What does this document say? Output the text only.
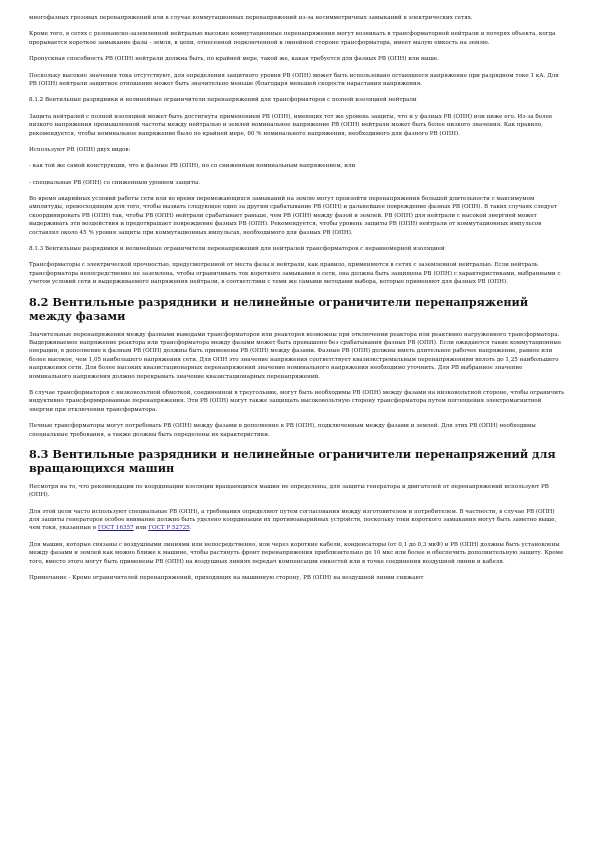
многофазных грозовых перенапряжений или в случае коммутационных перенапряжений из-за несимметричных замыканий в электрических сетях.

Кроме того, в сетях с резонансно-заземленной нейтралью высокие коммутационные перенапряжения могут возникать в трансформаторной нейтрали и потерях объекта, когда прерывается короткое замыкание фазы - земля, в цепи, отнесенной подключенной к линейной стороне трансформатора, имеет малую емкость на землю.

Пропускная способность РВ (ОПН) нейтрали должна быть, по крайней мере, такой же, какая требуется для фазных РВ (ОПН) или выше.

Поскольку высокие значения тока отсутствуют, для определения защитного уровня РВ (ОПН) может быть использовано остающееся напряжение при разрядном токе 1 кА. Для РВ (ОПН) нейтрали защитное отношение может быть значительно меньше (благодаря меньшей скорости нарастания напряжения.

8.1.2 Вентильные разрядники и нелинейные ограничители перенапряжений для трансформаторов с полной изоляцией нейтрали

Защита нейтралей с полной изоляцией может быть достигнута применением РВ (ОПН), имеющих тот же уровень защиты, что и у фазных РВ (ОПН) или ниже его. Из-за более низкого напряжения промышленной частоты между нейтралью и землей номинальное напряжение РВ (ОПН) нейтрали может быть более низкого значения. Как правило, рекомендуется, чтобы номинальное напряжение было по крайней мере, 60 % номинального напряжения, необходимого для фазного РВ (ОПН).

Используют РВ (ОПН) двух видов:

- как той же самой конструкции, что и фазные РВ (ОПН), но со сниженным номинальным напряжением, или

- специальные РВ (ОПН) со сниженным уровнем защиты.

Во время аварийных условий работы сети или во время перемежающихся замыканий на землю могут произойти перенапряжения большой длительности с максимумом амплитуды, превосходящим для того, чтобы вызвать следующее одно за другим срабатывание РВ (ОПН) и дальнейшее повреждение фазных РВ (ОПН). В таких случаях следует скоординировать РВ (ОПН) так, чтобы РВ (ОПН) нейтрали срабатывает раньше, чем РВ (ОПН) между фазой и землей. РВ (ОПН) для нейтрали с высокой энергией может выдерживать эти воздействия и предотвращает повреждение фазных РВ (ОПН). Рекомендуется, чтобы уровень защиты РВ (ОПН) нейтрали от коммутационных импульсов составлял около 45 % уровня защиты при коммутационных импульсах, необходимого для фазных РВ (ОПН).

8.1.3 Вентильные разрядники и нелинейные ограничители перенапряжений для нейтралей трансформаторов с неравномерной изоляцией

Трансформаторы с электрической прочностью, предусмотренной от места фазы к нейтрали, как правило, применяются в сетях с заземленной нейтралью. Если нейтраль трансформатора непосредственно не заземлена, чтобы ограничивать ток короткого замыкания в сети, она должна быть защищена РВ (ОПН) с характеристиками, выбранными с учетом условий сети и выдерживаемого напряжения нейтрали, в соответствии с теми же самыми методами выбора, которые применяют для фазных РВ (ОПН).

8.2 Вентильные разрядники и нелинейные ограничители перенапряжений между фазами

Значительные перенапряжения между фазными выводами трансформаторов или реакторов возможны при отключении реактора или реактивно нагруженного трансформатора. Выдерживаемое напряжение реактора или трансформатора между фазами может быть превышено без срабатывания фазных РВ (ОПН). Если ожидаются такие коммутационные операции, в дополнение к фазным РВ (ОПН) должны быть применены РВ (ОПН) между фазами. Фазные РВ (ОПН) должны иметь длительное рабочее напряжение, равное или более высокое, чем 1,05 наибольшего напряжения сети. Для ОПН это значение напряжения соответствует квазиэкстремальным перенапряжениям вплоть до 1,25 наибольшего напряжения сети. Для более высоких квазистационарных перенапряжений значение номинального напряжения необходимо уточнить. Для РВ выбранное значение номинального напряжения должно перекрывать значение квазистационарных перенапряжений.

В случае трансформаторов с низковольтной обмоткой, соединенной в треугольник, могут быть необходимы РВ (ОПН) между фазами на низковольтной стороне, чтобы ограничить индуктивно трансформированные перенапряжения. Эти РВ (ОПН) могут также защищать высоковольтную сторону трансформатора путем поглощения электромагнитной энергии при отключении трансформатора.

Печные трансформаторы могут потребовать РВ (ОПН) между фазами в дополнение к РВ (ОПН), подключенным между фазами и землей. Для этих РВ (ОПН) необходимы специальные требования, а также должны быть определены их характеристики.

8.3 Вентильные разрядники и нелинейные ограничители перенапряжений для вращающихся машин

Несмотря на то, что рекомендации по координации изоляции вращающихся машин не определены, для защиты генератора и двигателей от перенапряжений используют РВ (ОПН).

Для этой цели часто используют специальные РВ (ОПН), а требования определяют путем согласования между изготовителем и потребителем. В частности, в случае РВ (ОПН) для защиты генераторов особое внимание должно быть уделено координации их противоаварийных устройств, поскольку токи короткого замыкания могут быть заметно выше, чем токи, указанные в ГОСТ 16357 или ГОСТ P 52725.

Для машин, которые связаны с воздушными линиями или непосредственно, или через короткие кабели, конденсаторы (от 0,1 до 0,3 мкФ) и РВ (ОПН) должны быть установлены между фазами и землей как можно ближе к машине, чтобы растянуть фронт перенапряжения приблизительно до 10 мкс или более и обеспечить дополнительную защиту. Кроме того, вместо этого могут быть применены РВ (ОПН) на воздушных линиях передач компенсации емкостей или в точке соединения воздушной линии и кабеля.

Примечание - Кроме ограничителей перенапряжений, приходящих на машинную сторону, РВ (ОПН) на воздушной линии снижают
